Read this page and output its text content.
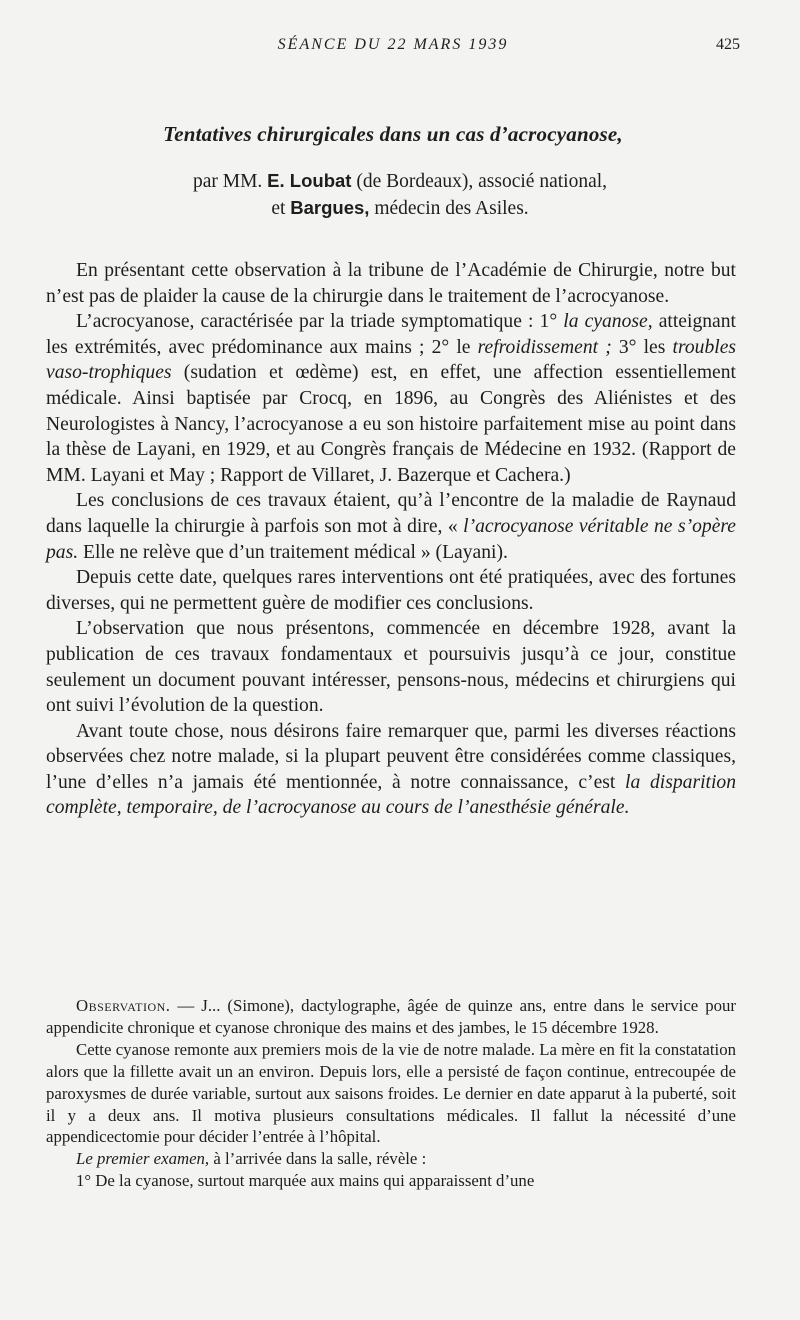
SÉANCE DU 22 MARS 1939	425
Tentatives chirurgicales dans un cas d’acrocyanose,
par MM. E. Loubat (de Bordeaux), associé national,
et Bargues, médecin des Asiles.

En présentant cette observation à la tribune de l’Académie de Chirurgie, notre but n’est pas de plaider la cause de la chirurgie dans le traitement de l’acrocyanose.

L’acrocyanose, caractérisée par la triade symptomatique : 1° la cyanose, atteignant les extrémités, avec prédominance aux mains ; 2° le refroidissement ; 3° les troubles vaso-trophiques (sudation et œdème) est, en effet, une affection essentiellement médicale. Ainsi baptisée par Crocq, en 1896, au Congrès des Aliénistes et des Neurologistes à Nancy, l’acrocyanose a eu son histoire parfaitement mise au point dans la thèse de Layani, en 1929, et au Congrès français de Médecine en 1932. (Rapport de MM. Layani et May ; Rapport de Villaret, J. Bazerque et Cachera.)

Les conclusions de ces travaux étaient, qu’à l’encontre de la maladie de Raynaud dans laquelle la chirurgie à parfois son mot à dire, « l’acrocyanose véritable ne s’opère pas. Elle ne relève que d’un traitement médical » (Layani).

Depuis cette date, quelques rares interventions ont été pratiquées, avec des fortunes diverses, qui ne permettent guère de modifier ces conclusions.

L’observation que nous présentons, commencée en décembre 1928, avant la publication de ces travaux fondamentaux et poursuivis jusqu’à ce jour, constitue seulement un document pouvant intéresser, pensons-nous, médecins et chirurgiens qui ont suivi l’évolution de la question.

Avant toute chose, nous désirons faire remarquer que, parmi les diverses réactions observées chez notre malade, si la plupart peuvent être considérées comme classiques, l’une d’elles n’a jamais été mentionnée, à notre connaissance, c’est la disparition complète, temporaire, de l’acrocyanose au cours de l’anesthésie générale.

Observation. — J... (Simone), dactylographe, âgée de quinze ans, entre dans le service pour appendicite chronique et cyanose chronique des mains et des jambes, le 15 décembre 1928.

Cette cyanose remonte aux premiers mois de la vie de notre malade. La mère en fit la constatation alors que la fillette avait un an environ. Depuis lors, elle a persisté de façon continue, entrecoupée de paroxysmes de durée variable, surtout aux saisons froides. Le dernier en date apparut à la puberté, soit il y a deux ans. Il motiva plusieurs consultations médicales. Il fallut la nécessité d’une appendicectomie pour décider l’entrée à l’hôpital.

Le premier examen, à l’arrivée dans la salle, révèle :

1° De la cyanose, surtout marquée aux mains qui apparaissent d’une
